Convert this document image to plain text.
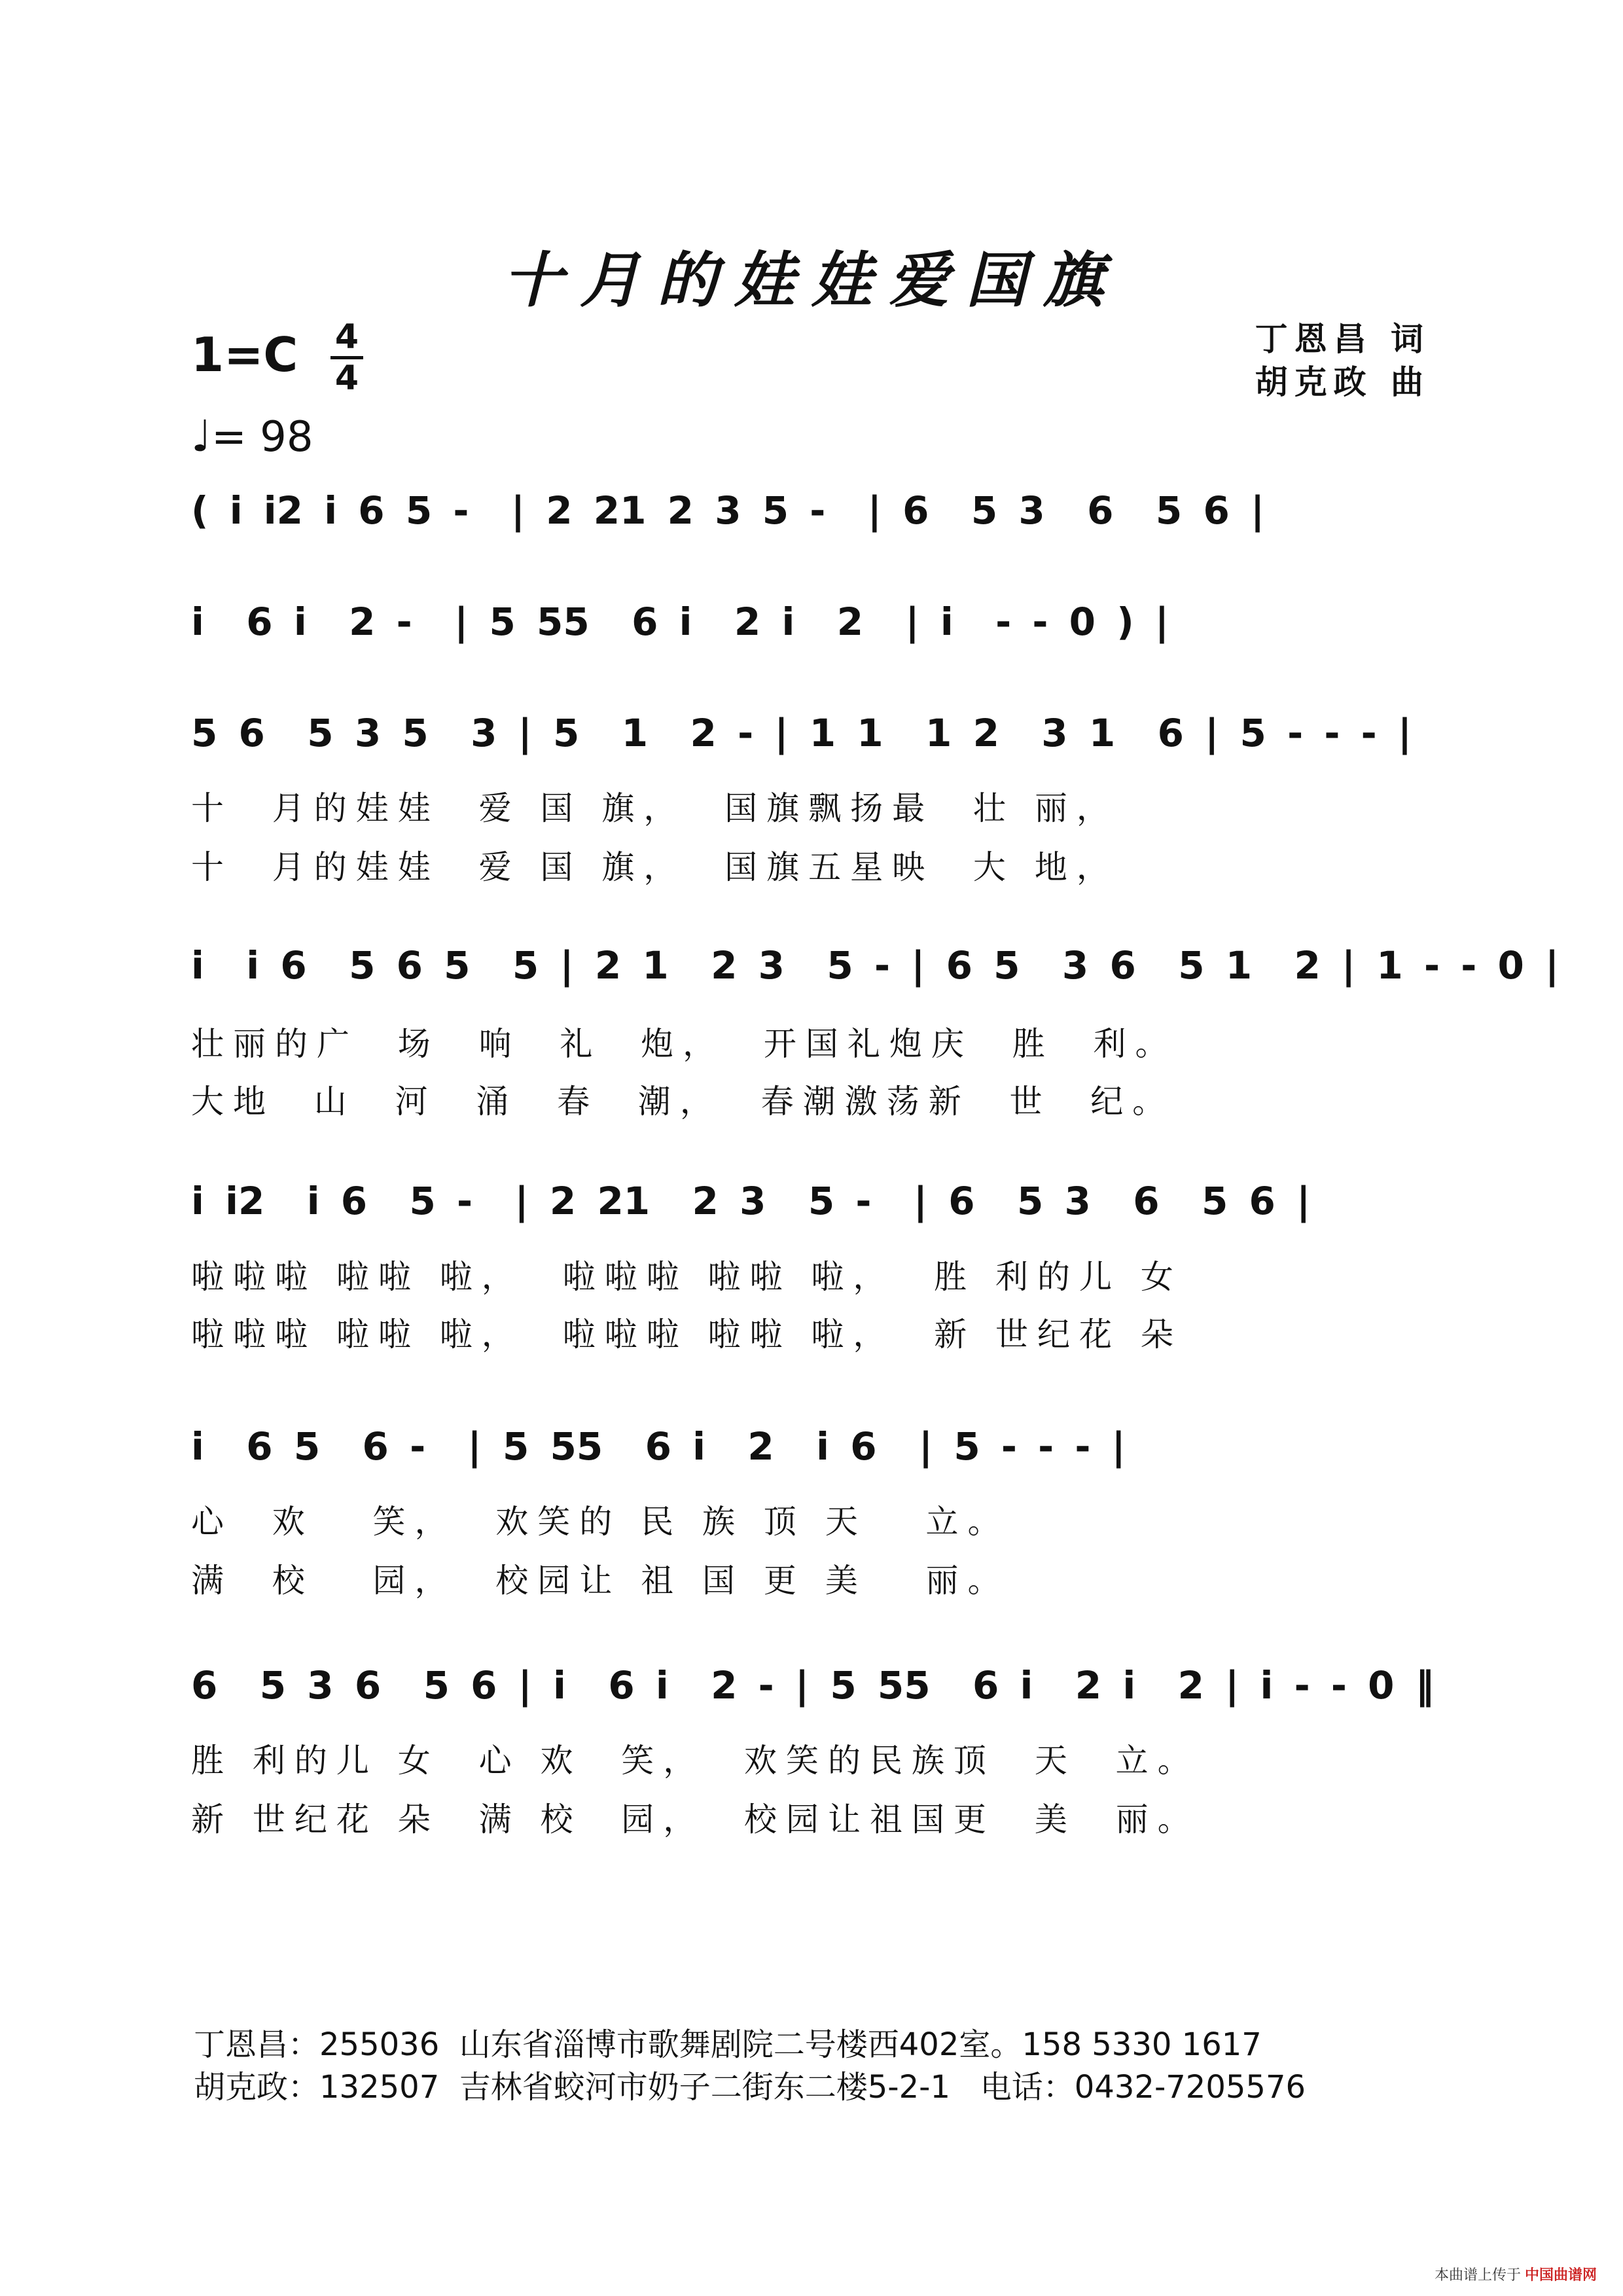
十月的娃娃爱国旗
1=C 4
4
♩= 98
丁恩昌 词
胡克政 曲
( i i2 i 6 5 -  | 2 21 2 3 5 -  | 6  5 3  6  5 6 |
i  6 i  2 -  | 5 55  6 i  2 i  2  | i  - - 0 ) |
5 6  5 3 5  3 | 5  1  2 - | 1 1  1 2  3 1  6 | 5 - - - |
十  月的娃娃  爱 国 旗，  国旗飘扬最  壮 丽，
十  月的娃娃  爱 国 旗，  国旗五星映  大 地，
i  i 6  5 6 5  5 | 2 1  2 3  5 - | 6 5  3 6  5 1  2 | 1 - - 0 |
壮丽的广  场  响  礼  炮，  开国礼炮庆  胜  利。
大地  山  河  涌  春  潮，  春潮激荡新  世  纪。
i i2  i 6  5 -  | 2 21  2 3  5 -  | 6  5 3  6  5 6 |
啦啦啦 啦啦 啦，  啦啦啦 啦啦 啦，  胜 利的儿 女
啦啦啦 啦啦 啦，  啦啦啦 啦啦 啦，  新 世纪花 朵
i  6 5  6 -  | 5 55  6 i  2  i 6  | 5 - - - |
心  欢   笑，  欢笑的 民 族 顶 天   立。
满  校   园，  校园让 祖 国 更 美   丽。
6  5 3 6  5 6 | i  6 i  2 - | 5 55  6 i  2 i  2 | i - - 0 ‖
胜 利的儿 女  心 欢  笑，  欢笑的民族顶  天  立。
新 世纪花 朵  满 校  园，  校园让祖国更  美  丽。
丁恩昌：255036  山东省淄博市歌舞剧院二号楼西402室。158 5330 1617
胡克政：132507  吉林省蛟河市奶子二街东二楼5-2-1   电话：0432-7205576
本曲谱上传于 中国曲谱网
